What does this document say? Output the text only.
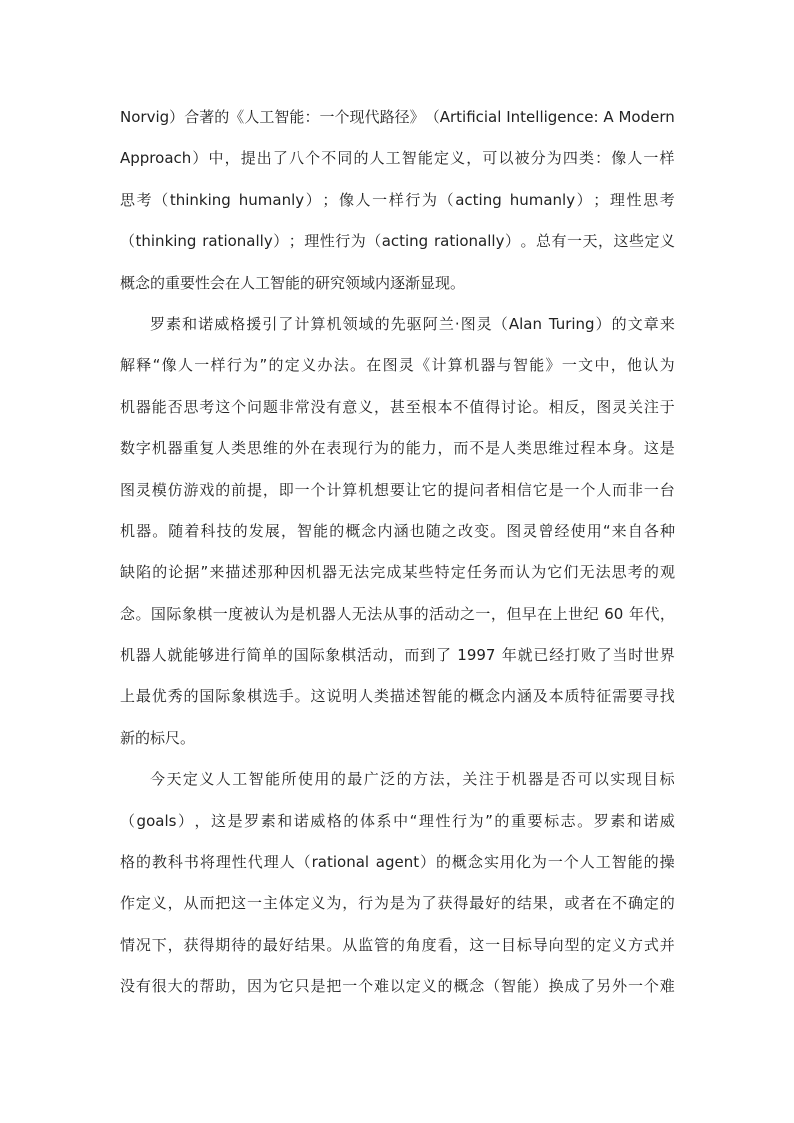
Norvig ） 合 著 的 《 人 工 智 能 ： 一 个 现 代 路 径 》 （ Artificial
Intelligence:
A
Modern
Approach ） 中 ， 提 出 了 八 个 不 同 的 人 工 智 能 定 义 ， 可 以 被 分 为 四 类 ： 像 人 一 样
思 考 （ thinking
humanly ） ； 像 人 一 样 行 为 （ acting
humanly ） ； 理 性 思 考
（ thinking
rationally ） ； 理 性 行 为 （ acting
rationally ） 。 总 有 一 天 ， 这 些 定 义
概念的重要性会在人工智能的研究领域内逐渐显现。
罗 素 和 诺 威 格 援 引 了 计 算 机 领 域 的 先 驱 阿 兰 · 图 灵 （ Alan
Turing ） 的 文 章 来
解 释 “ 像 人 一 样 行 为 ” 的 定 义 办 法 。 在 图 灵 《 计 算 机 器 与 智 能 》 一 文 中 ， 他 认 为
机 器 能 否 思 考 这 个 问 题 非 常 没 有 意 义 ， 甚 至 根 本 不 值 得 讨 论 。 相 反 ， 图 灵 关 注 于
数 字 机 器 重 复 人 类 思 维 的 外 在 表 现 行 为 的 能 力 ， 而 不 是 人 类 思 维 过 程 本 身 。 这 是
图 灵 模 仿 游 戏 的 前 提 ， 即 一 个 计 算 机 想 要 让 它 的 提 问 者 相 信 它 是 一 个 人 而 非 一 台
机 器 。 随 着 科 技 的 发 展 ， 智 能 的 概 念 内 涵 也 随 之 改 变 。 图 灵 曾 经 使 用 “ 来 自 各 种
缺 陷 的 论 据 ” 来 描 述 那 种 因 机 器 无 法 完 成 某 些 特 定 任 务 而 认 为 它 们 无 法 思 考 的 观
念 。 国 际 象 棋 一 度 被 认 为 是 机 器 人 无 法 从 事 的 活 动 之 一 ， 但 早 在 上 世 纪
60
年 代 ，
机 器 人 就 能 够 进 行 简 单 的 国 际 象 棋 活 动 ， 而 到 了
1997
年 就 已 经 打 败 了 当 时 世 界
上 最 优 秀 的 国 际 象 棋 选 手 。 这 说 明 人 类 描 述 智 能 的 概 念 内 涵 及 本 质 特 征 需 要 寻 找
新的标尺。
今 天 定 义 人 工 智 能 所 使 用 的 最 广 泛 的 方 法 ， 关 注 于 机 器 是 否 可 以 实 现 目 标
（ goals ） ， 这 是 罗 素 和 诺 威 格 的 体 系 中 “ 理 性 行 为 ” 的 重 要 标 志 。 罗 素 和 诺 威
格 的 教 科 书 将 理 性 代 理 人 （ rational
agent ） 的 概 念 实 用 化 为 一 个 人 工 智 能 的 操
作 定 义 ， 从 而 把 这 一 主 体 定 义 为 ， 行 为 是 为 了 获 得 最 好 的 结 果 ， 或 者 在 不 确 定 的
情 况 下 ， 获 得 期 待 的 最 好 结 果 。 从 监 管 的 角 度 看 ， 这 一 目 标 导 向 型 的 定 义 方 式 并
没 有 很 大 的 帮 助 ， 因 为 它 只 是 把 一 个 难 以 定 义 的 概 念 （ 智 能 ） 换 成 了 另 外 一 个 难
